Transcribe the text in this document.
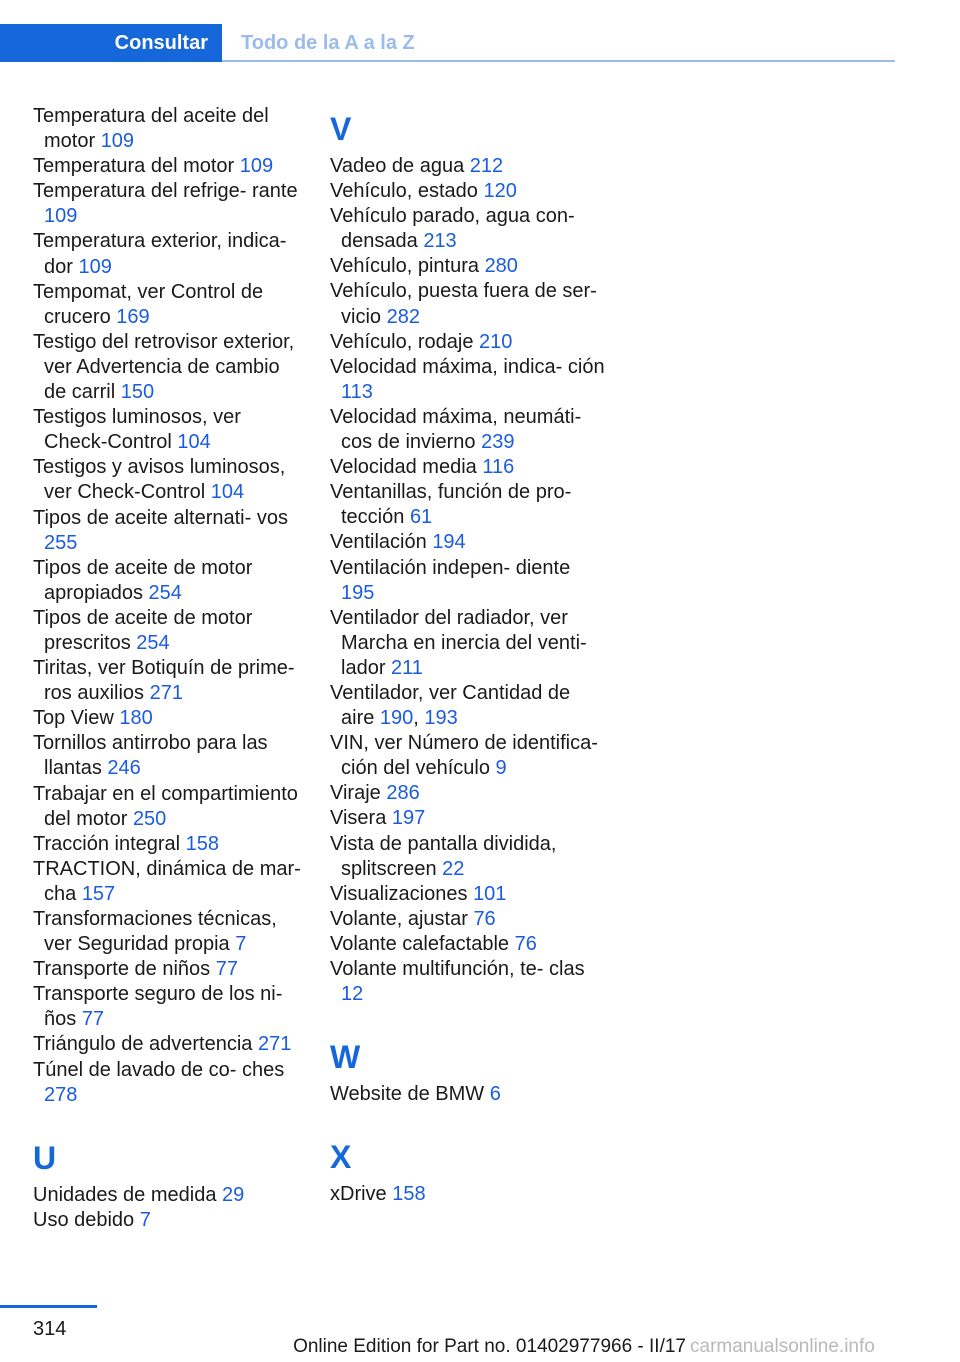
Consultar	Todo de la A a la Z
Temperatura del aceite del motor 109
Temperatura del motor 109
Temperatura del refrige‐ rante 109
Temperatura exterior, indica‐ dor 109
Tempomat, ver Control de crucero 169
Testigo del retrovisor exterior, ver Advertencia de cambio de carril 150
Testigos luminosos, ver Check-Control 104
Testigos y avisos luminosos, ver Check-Control 104
Tipos de aceite alternati‐ vos 255
Tipos de aceite de motor apropiados 254
Tipos de aceite de motor prescritos 254
Tiritas, ver Botiquín de prime‐ ros auxilios 271
Top View 180
Tornillos antirrobo para las llantas 246
Trabajar en el compartimiento del motor 250
Tracción integral 158
TRACTION, dinámica de mar‐ cha 157
Transformaciones técnicas, ver Seguridad propia 7
Transporte de niños 77
Transporte seguro de los ni‐ ños 77
Triángulo de advertencia 271
Túnel de lavado de co‐ ches 278
U
Unidades de medida 29
Uso debido 7
V
Vadeo de agua 212
Vehículo, estado 120
Vehículo parado, agua con‐ densada 213
Vehículo, pintura 280
Vehículo, puesta fuera de ser‐ vicio 282
Vehículo, rodaje 210
Velocidad máxima, indica‐ ción 113
Velocidad máxima, neumáti‐ cos de invierno 239
Velocidad media 116
Ventanillas, función de pro‐ tección 61
Ventilación 194
Ventilación indepen‐ diente 195
Ventilador del radiador, ver Marcha en inercia del venti‐ lador 211
Ventilador, ver Cantidad de aire 190, 193
VIN, ver Número de identifica‐ ción del vehículo 9
Viraje 286
Visera 197
Vista de pantalla dividida, splitscreen 22
Visualizaciones 101
Volante, ajustar 76
Volante calefactable 76
Volante multifunción, te‐ clas 12
W
Website de BMW 6
X
xDrive 158
314
Online Edition for Part no. 01402977966 - II/17 carmanualsonline.info
